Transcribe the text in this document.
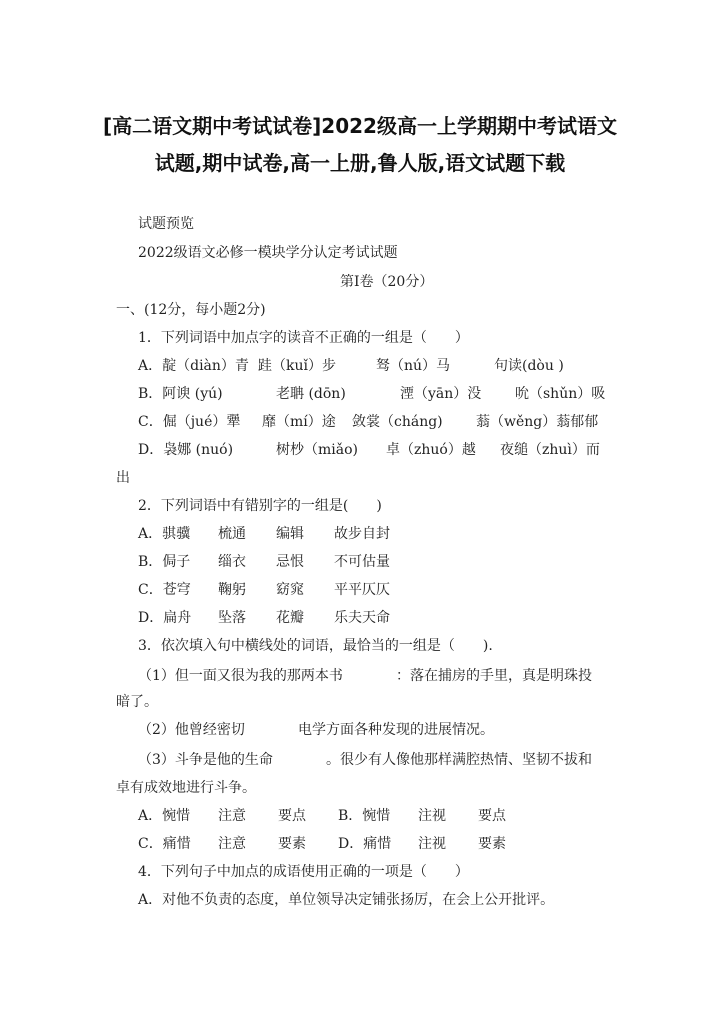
[高二语文期中考试试卷]2022级高一上学期期中考试语文
试题,期中试卷,高一上册,鲁人版,语文试题下载
试题预览
2022级语文必修一模块学分认定考试试题
第Ⅰ卷（20分）
一、(12分，每小题2分)
1．下列词语中加点字的读音不正确的一组是（　　）
A．靛（diàn）青 跬（kuǐ）步	驽（nú）马	句读(dòu )
B．阿谀 (yú)	老聃 (dōn)	湮（yān）没 吮（shǔn）吸
C．倔（jué）犟 靡（mí）途 敛裳（cháng) 蓊（wěng）蓊郁郁
D．袅娜 (nuó)	树杪（miǎo) 卓（zhuó）越 夜缒（zhuì）而
出
2．下列词语中有错别字的一组是(　　)
A．骐骥 梳通 编辑 故步自封
B．侷子 缁衣 忌恨 不可估量
C．苍穹 鞠躬 窈窕 平平仄仄
D．扁舟 坠落 花瓣 乐夫天命
3．依次填入句中横线处的词语，最恰当的一组是（　　).
（1）但一面又很为我的那两本书	：落在捕房的手里，真是明珠投
暗了。
（2）他曾经密切	电学方面各种发现的进展情况。
（3）斗争是他的生命	。很少有人像他那样满腔热情、坚韧不拔和
卓有成效地进行斗争。
A．惋惜 注意 要点 B．惋惜 注视 要点
C．痛惜 注意 要素 D．痛惜 注视 要素
4．下列句子中加点的成语使用正确的一项是（　　）
A．对他不负责的态度，单位领导决定铺张扬厉，在会上公开批评。
